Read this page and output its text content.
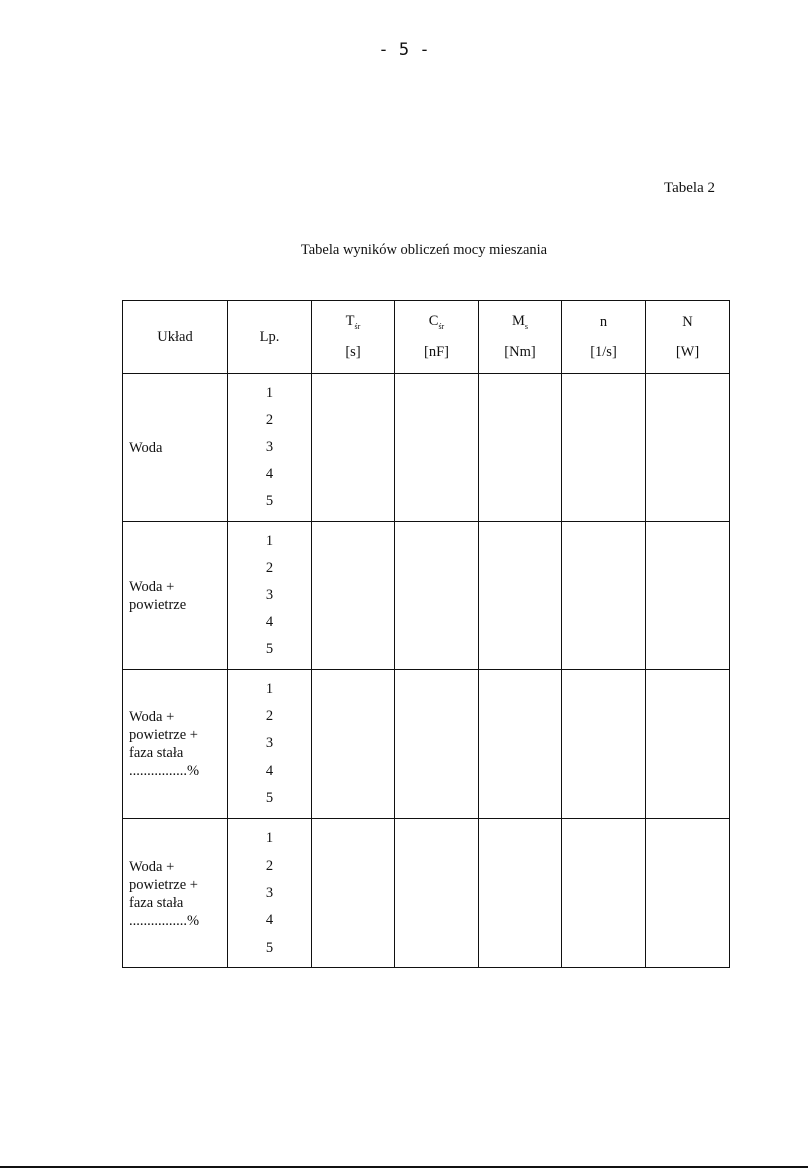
- 5 -
Tabela 2
Tabela wyników obliczeń mocy mieszania
Układ	Lp.
$T_{śr}$
[s]
$C_{śr}$
[nF]
$M_s$
[Nm]
n
[1/s]
N
[W]
Woda
1
2
3
4
5
Woda +
powietrze
1
2
3
4
5
Woda +
powietrze +
faza stała
................%
1
2
3
4
5
Woda +
powietrze +
faza stała
................%
1
2
3
4
5
